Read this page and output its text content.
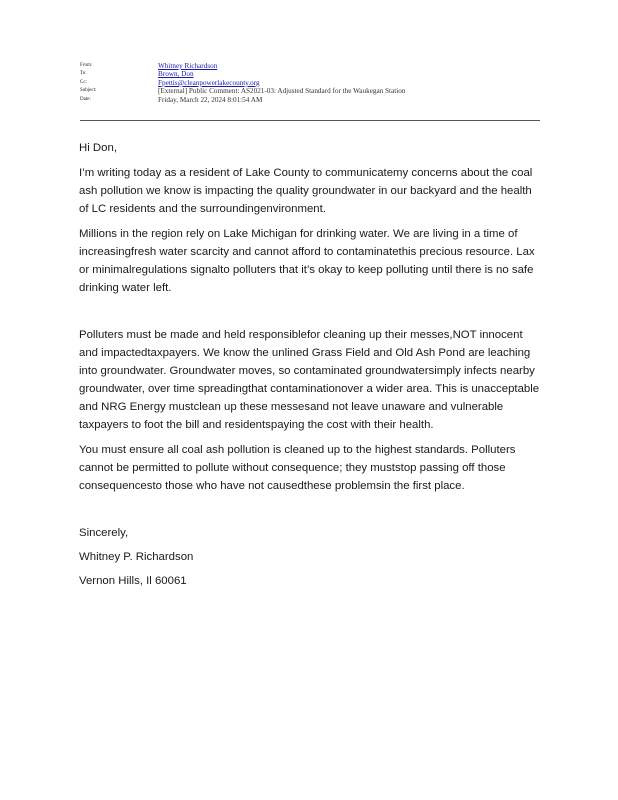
From:	Whitney Richardson
To:	Brown, Don
Cc:	Fpettis@cleanpowerlakecounty.org
Subject:	[External] Public Comment: AS2021-03: Adjusted Standard for the Waukegan Station
Date:	Friday, March 22, 2024 8:01:54 AM

Hi Don,

I’m writing today as a resident of Lake County to communicatemy concerns about the coal ash pollution we know is impacting the quality groundwater in our backyard and the health of LC residents and the surroundingenvironment.

Millions in the region rely on Lake Michigan for drinking water. We are living in a time of increasingfresh water scarcity and cannot afford to contaminatethis precious resource. Lax or minimalregulations signalto polluters that it’s okay to keep polluting until there is no safe drinking water left.

Polluters must be made and held responsiblefor cleaning up their messes,NOT innocent and impactedtaxpayers. We know the unlined Grass Field and Old Ash Pond are leaching into groundwater. Groundwater moves, so contaminated groundwatersimply infects nearby groundwater, over time spreadingthat contaminationover a wider area. This is unacceptable and NRG Energy mustclean up these messesand not leave unaware and vulnerable taxpayers to foot the bill and residentspaying the cost with their health.

You must ensure all coal ash pollution is cleaned up to the highest standards. Polluters cannot be permitted to pollute without consequence; they muststop passing off those consequencesto those who have not causedthese problemsin the first place.

Sincerely,

Whitney P. Richardson

Vernon Hills, Il 60061
